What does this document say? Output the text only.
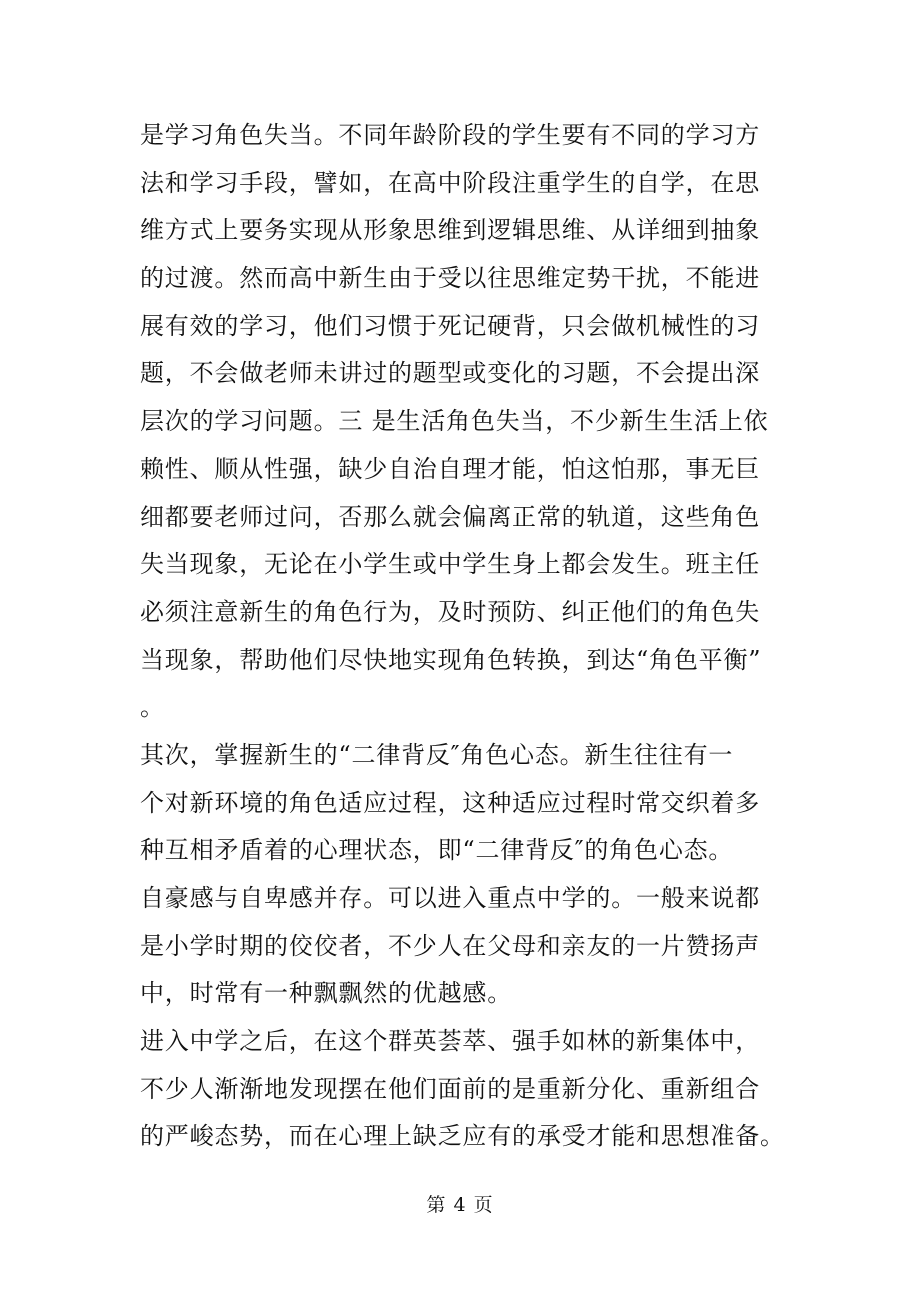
是学习角色失当。不同年龄阶段的学生要有不同的学习方
法和学习手段，譬如，在高中阶段注重学生的自学，在思
维方式上要务实现从形象思维到逻辑思维、从详细到抽象
的过渡。然而高中新生由于受以往思维定势干扰，不能进
展有效的学习，他们习惯于死记硬背，只会做机械性的习
题，不会做老师未讲过的题型或变化的习题，不会提出深
层次的学习问题。三 是生活角色失当，不少新生生活上依
赖性、顺从性强，缺少自治自理才能，怕这怕那，事无巨
细都要老师过问，否那么就会偏离正常的轨道，这些角色
失当现象，无论在小学生或中学生身上都会发生。班主任
必须注意新生的角色行为，及时预防、纠正他们的角色失
当现象，帮助他们尽快地实现角色转换，到达“角色平衡”
。
其次，掌握新生的“二律背反″角色心态。新生往往有一
个对新环境的角色适应过程，这种适应过程时常交织着多
种互相矛盾着的心理状态，即“二律背反″的角色心态。
自豪感与自卑感并存。可以进入重点中学的。一般来说都
是小学时期的佼佼者，不少人在父母和亲友的一片赞扬声
中，时常有一种飘飘然的优越感。
进入中学之后，在这个群英荟萃、强手如林的新集体中，
不少人渐渐地发现摆在他们面前的是重新分化、重新组合
的严峻态势，而在心理上缺乏应有的承受才能和思想准备。
第 4 页
